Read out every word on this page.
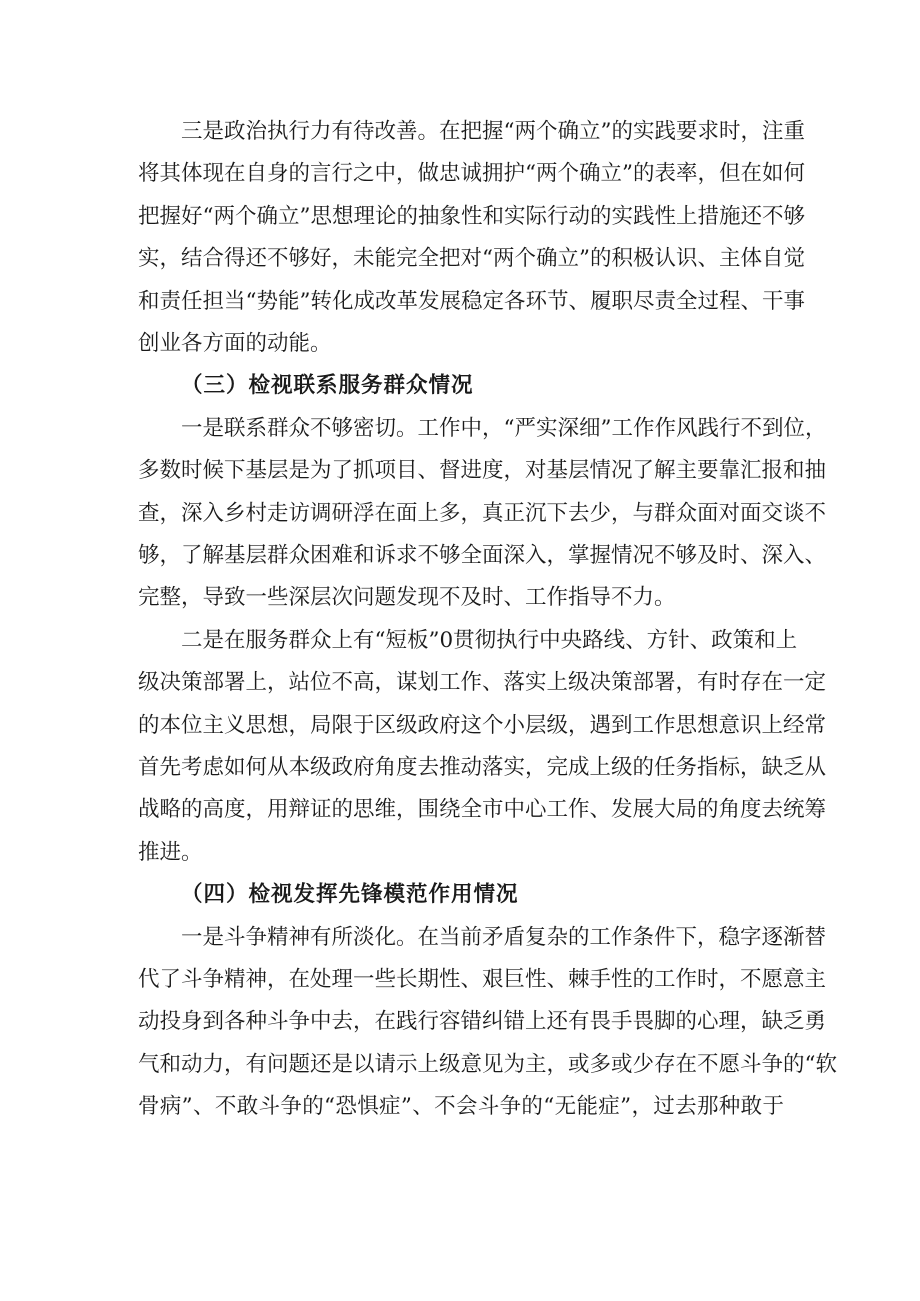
三是政治执行力有待改善。在把握“两个确立”的实践要求时，注重
将其体现在自身的言行之中，做忠诚拥护“两个确立”的表率，但在如何
把握好“两个确立”思想理论的抽象性和实际行动的实践性上措施还不够
实，结合得还不够好，未能完全把对“两个确立”的积极认识、主体自觉
和责任担当“势能”转化成改革发展稳定各环节、履职尽责全过程、干事
创业各方面的动能。
（三）检视联系服务群众情况
一是联系群众不够密切。工作中，“严实深细”工作作风践行不到位，
多数时候下基层是为了抓项目、督进度，对基层情况了解主要靠汇报和抽
查，深入乡村走访调研浮在面上多，真正沉下去少，与群众面对面交谈不
够，了解基层群众困难和诉求不够全面深入，掌握情况不够及时、深入、
完整，导致一些深层次问题发现不及时、工作指导不力。
二是在服务群众上有“短板”0贯彻执行中央路线、方针、政策和上
级决策部署上，站位不高，谋划工作、落实上级决策部署，有时存在一定
的本位主义思想，局限于区级政府这个小层级，遇到工作思想意识上经常
首先考虑如何从本级政府角度去推动落实，完成上级的任务指标，缺乏从
战略的高度，用辩证的思维，围绕全市中心工作、发展大局的角度去统筹
推进。
（四）检视发挥先锋模范作用情况
一是斗争精神有所淡化。在当前矛盾复杂的工作条件下，稳字逐渐替
代了斗争精神，在处理一些长期性、艰巨性、棘手性的工作时，不愿意主
动投身到各种斗争中去，在践行容错纠错上还有畏手畏脚的心理，缺乏勇
气和动力，有问题还是以请示上级意见为主，或多或少存在不愿斗争的“软
骨病”、不敢斗争的“恐惧症”、不会斗争的“无能症”，过去那种敢于
